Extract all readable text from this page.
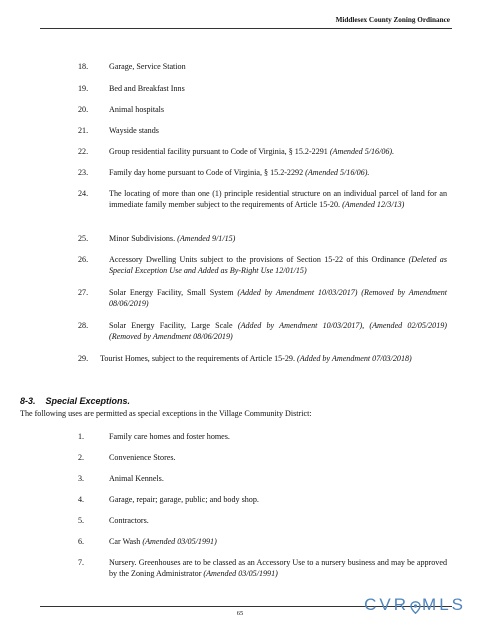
Middlesex County Zoning Ordinance
18.	Garage, Service Station
19.	Bed and Breakfast Inns
20.	Animal hospitals
21.	Wayside stands
22.	Group residential facility pursuant to Code of Virginia, § 15.2-2291 (Amended 5/16/06).
23.	Family day home pursuant to Code of Virginia, § 15.2-2292 (Amended 5/16/06).
24.	The locating of more than one (1) principle residential structure on an individual parcel of land for an immediate family member subject to the requirements of Article 15-20. (Amended 12/3/13)
25.	Minor Subdivisions. (Amended 9/1/15)
26.	Accessory Dwelling Units subject to the provisions of Section 15-22 of this Ordinance (Deleted as Special Exception Use and Added as By-Right Use 12/01/15)
27.	Solar Energy Facility, Small System (Added by Amendment 10/03/2017) (Removed by Amendment 08/06/2019)
28.	Solar Energy Facility, Large Scale (Added by Amendment 10/03/2017), (Amended 02/05/2019) (Removed by Amendment 08/06/2019)
29. Tourist Homes, subject to the requirements of Article 15-29. (Added by Amendment 07/03/2018)
8-3.    Special Exceptions.
The following uses are permitted as special exceptions in the Village Community District:
1.	Family care homes and foster homes.
2.	Convenience Stores.
3.	Animal Kennels.
4.	Garage, repair; garage, public; and body shop.
5.	Contractors.
6.	Car Wash (Amended 03/05/1991)
7.	Nursery. Greenhouses are to be classed as an Accessory Use to a nursery business and may be approved by the Zoning Administrator (Amended 03/05/1991)
65	CVR MLS
